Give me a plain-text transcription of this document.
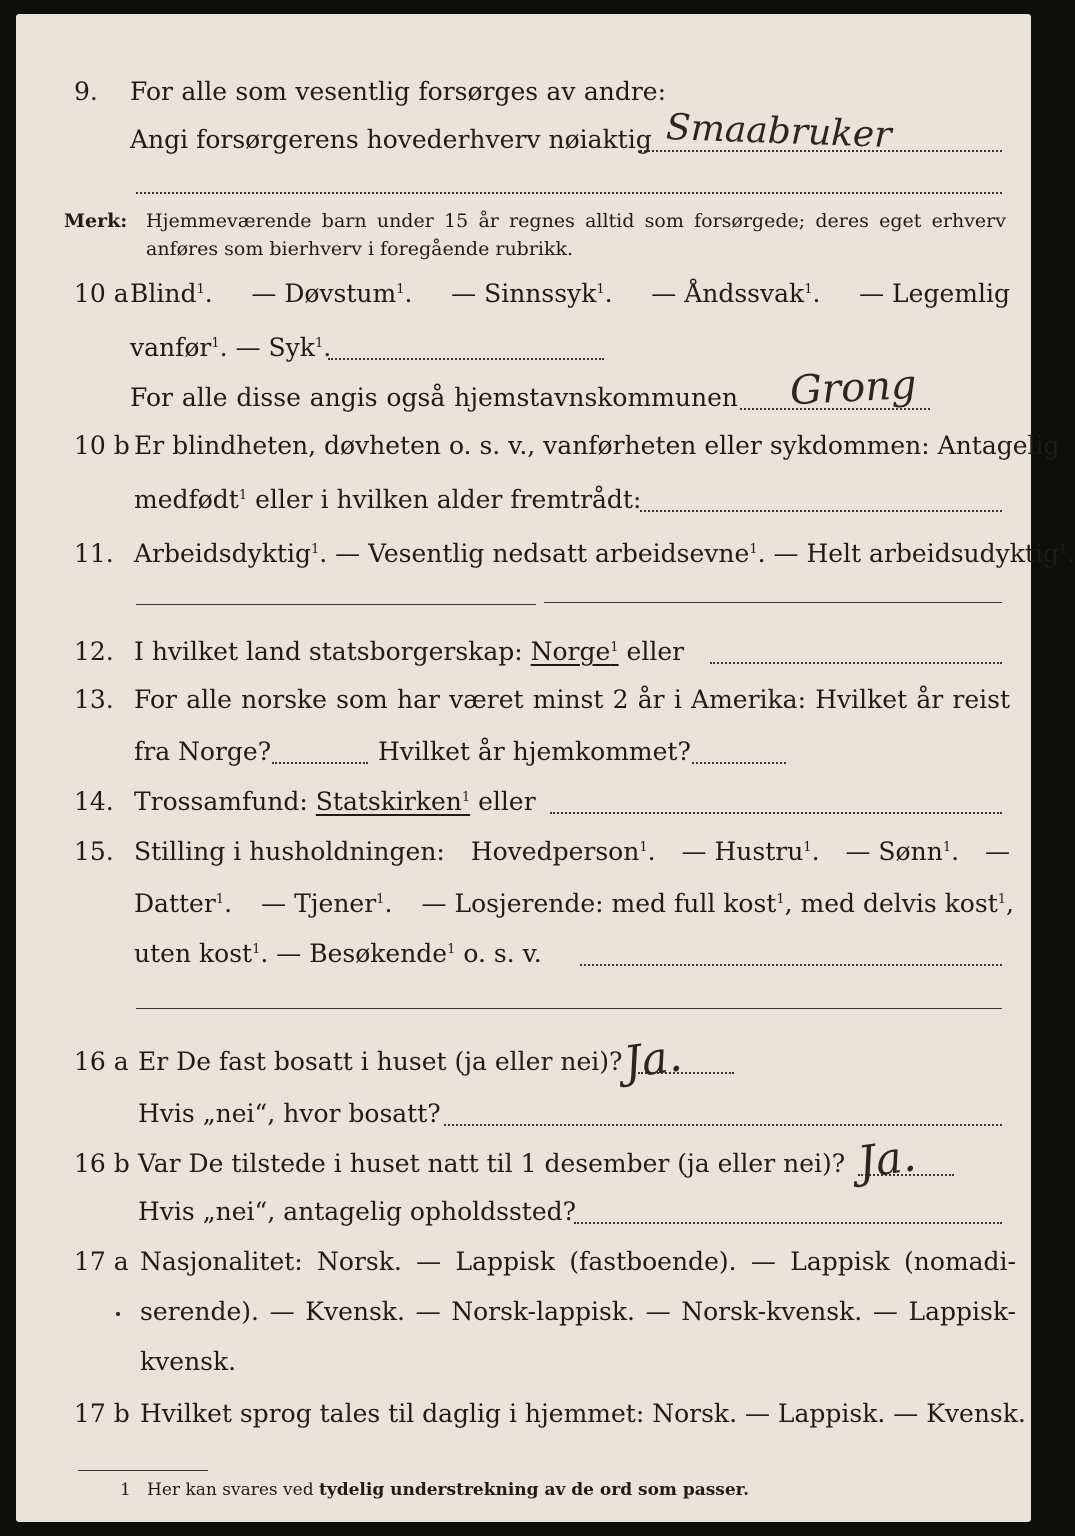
9.	For alle som vesentlig forsørges av andre:
Angi forsørgerens hovederhverv nøiaktig Smaabruker
Merk: Hjemmeværende barn under 15 år regnes alltid som forsørgede; deres eget erhverv
anføres som bierhverv i foregående rubrikk.
10 a Blind$^1$. — Døvstum$^1$. — Sinnssyk$^1$. — Åndssvak$^1$. — Legemlig
vanfør$^1$. — Syk$^1$.
For alle disse angis også hjemstavnskommunen Grong
10 b Er blindheten, døvheten o. s. v., vanførheten eller sykdommen: Antagelig
medfødt$^1$ eller i hvilken alder fremtrådt:
11. Arbeidsdyktig$^1$. — Vesentlig nedsatt arbeidsevne$^1$. — Helt arbeidsudyktig$^1$.
12. I hvilket land statsborgerskap: Norge$^1$ eller
13. For alle norske som har været minst 2 år i Amerika: Hvilket år reist
fra Norge?	Hvilket år hjemkommet?
14. Trossamfund: Statskirken$^1$ eller
15. Stilling i husholdningen: Hovedperson$^1$. — Hustru$^1$. — Sønn$^1$. —
Datter$^1$. — Tjener$^1$. — Losjerende: med full kost$^1$, med delvis kost$^1$,
uten kost$^1$. — Besøkende$^1$ o. s. v.
16 a Er De fast bosatt i huset (ja eller nei)?
Ja.
Hvis „nei“, hvor bosatt?
16 b Var De tilstede i huset natt til 1 desember (ja eller nei)? Ja.
Hvis „nei“, antagelig opholdssted?
17 a Nasjonalitet: Norsk. — Lappisk (fastboende). — Lappisk (nomadi-
serende). — Kvensk. — Norsk-lappisk. — Norsk-kvensk. — Lappisk-
kvensk.
17 b Hvilket sprog tales til daglig i hjemmet: Norsk. — Lappisk. — Kvensk.
1 Her kan svares ved tydelig understrekning av de ord som passer.
